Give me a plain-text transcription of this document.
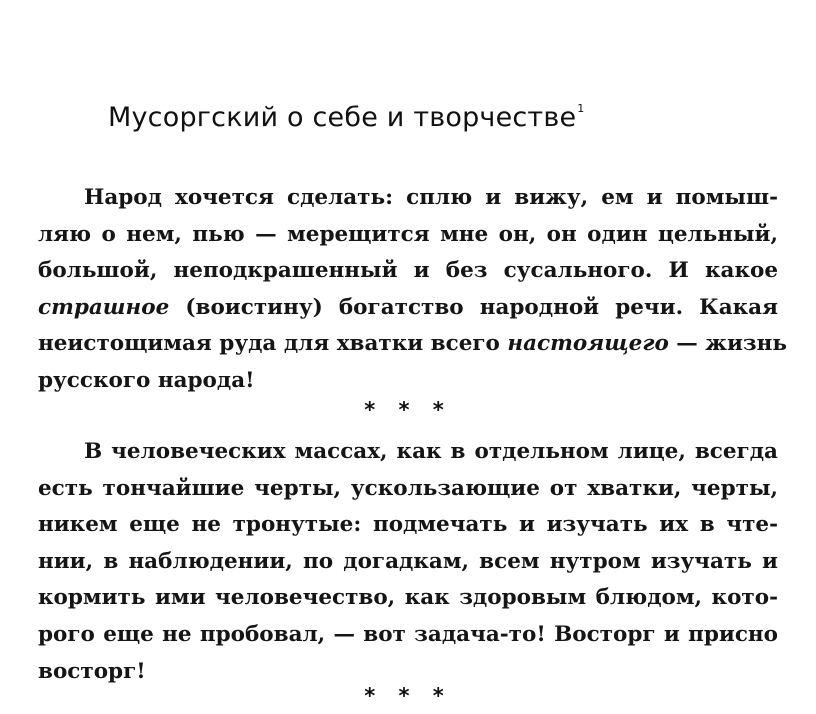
Мусоргский о себе и творчестве$^1$
Народ хочется сделать: сплю и вижу, ем и помыш-
ляю о нем, пью — мерещится мне он, он один цельный,
большой, неподкрашенный и без сусального. И какое
страшное (воистину) богатство народной речи. Какая
неистощимая руда для хватки всего настоящего — жизнь
русского народа!
* * *
В человеческих массах, как в отдельном лице, всегда
есть тончайшие черты, ускользающие от хватки, черты,
никем еще не тронутые: подмечать и изучать их в чте-
нии, в наблюдении, по догадкам, всем нутром изучать и
кормить ими человечество, как здоровым блюдом, кото-
рого еще не пробовал, — вот задача-то! Восторг и присно
восторг!
* * *
